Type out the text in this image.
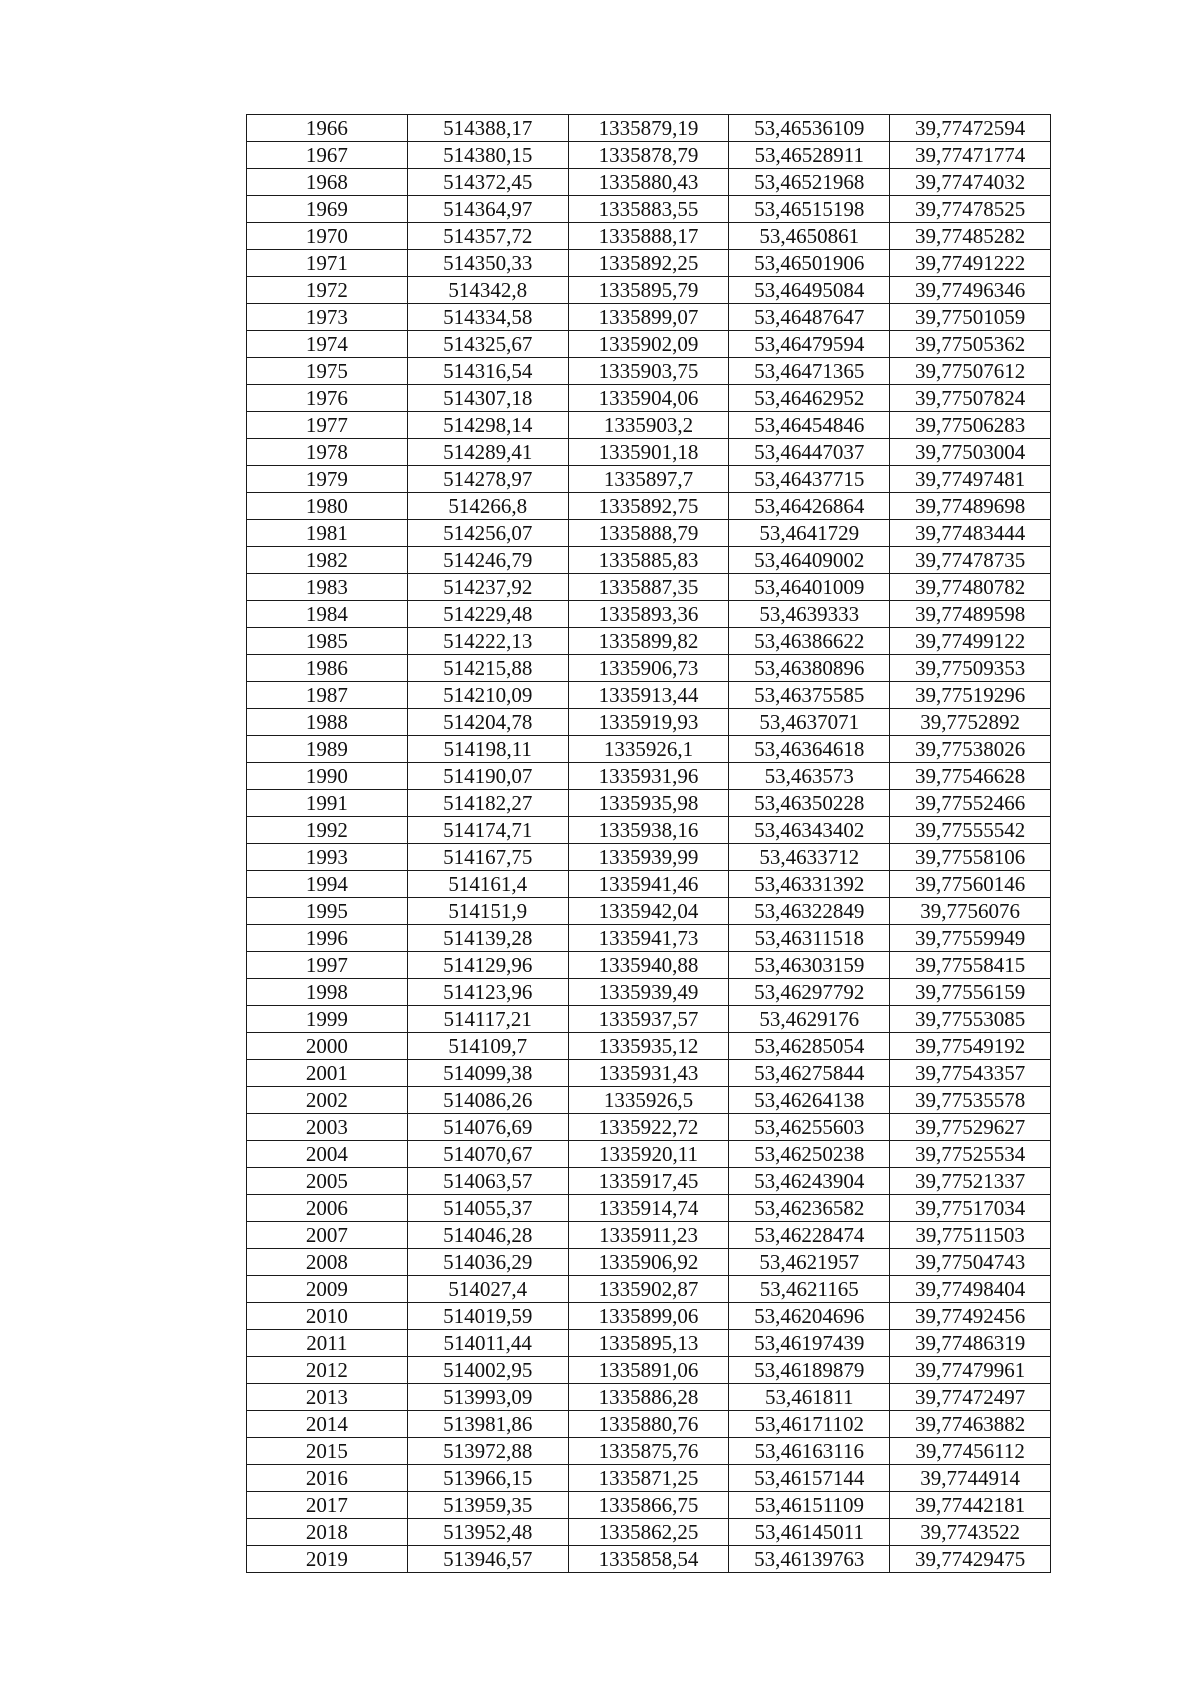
1966	514388,17	1335879,19	53,46536109	39,77472594
1967	514380,15	1335878,79	53,46528911	39,77471774
1968	514372,45	1335880,43	53,46521968	39,77474032
1969	514364,97	1335883,55	53,46515198	39,77478525
1970	514357,72	1335888,17	53,4650861	39,77485282
1971	514350,33	1335892,25	53,46501906	39,77491222
1972	514342,8	1335895,79	53,46495084	39,77496346
1973	514334,58	1335899,07	53,46487647	39,77501059
1974	514325,67	1335902,09	53,46479594	39,77505362
1975	514316,54	1335903,75	53,46471365	39,77507612
1976	514307,18	1335904,06	53,46462952	39,77507824
1977	514298,14	1335903,2	53,46454846	39,77506283
1978	514289,41	1335901,18	53,46447037	39,77503004
1979	514278,97	1335897,7	53,46437715	39,77497481
1980	514266,8	1335892,75	53,46426864	39,77489698
1981	514256,07	1335888,79	53,4641729	39,77483444
1982	514246,79	1335885,83	53,46409002	39,77478735
1983	514237,92	1335887,35	53,46401009	39,77480782
1984	514229,48	1335893,36	53,4639333	39,77489598
1985	514222,13	1335899,82	53,46386622	39,77499122
1986	514215,88	1335906,73	53,46380896	39,77509353
1987	514210,09	1335913,44	53,46375585	39,77519296
1988	514204,78	1335919,93	53,4637071	39,7752892
1989	514198,11	1335926,1	53,46364618	39,77538026
1990	514190,07	1335931,96	53,463573	39,77546628
1991	514182,27	1335935,98	53,46350228	39,77552466
1992	514174,71	1335938,16	53,46343402	39,77555542
1993	514167,75	1335939,99	53,4633712	39,77558106
1994	514161,4	1335941,46	53,46331392	39,77560146
1995	514151,9	1335942,04	53,46322849	39,7756076
1996	514139,28	1335941,73	53,46311518	39,77559949
1997	514129,96	1335940,88	53,46303159	39,77558415
1998	514123,96	1335939,49	53,46297792	39,77556159
1999	514117,21	1335937,57	53,4629176	39,77553085
2000	514109,7	1335935,12	53,46285054	39,77549192
2001	514099,38	1335931,43	53,46275844	39,77543357
2002	514086,26	1335926,5	53,46264138	39,77535578
2003	514076,69	1335922,72	53,46255603	39,77529627
2004	514070,67	1335920,11	53,46250238	39,77525534
2005	514063,57	1335917,45	53,46243904	39,77521337
2006	514055,37	1335914,74	53,46236582	39,77517034
2007	514046,28	1335911,23	53,46228474	39,77511503
2008	514036,29	1335906,92	53,4621957	39,77504743
2009	514027,4	1335902,87	53,4621165	39,77498404
2010	514019,59	1335899,06	53,46204696	39,77492456
2011	514011,44	1335895,13	53,46197439	39,77486319
2012	514002,95	1335891,06	53,46189879	39,77479961
2013	513993,09	1335886,28	53,461811	39,77472497
2014	513981,86	1335880,76	53,46171102	39,77463882
2015	513972,88	1335875,76	53,46163116	39,77456112
2016	513966,15	1335871,25	53,46157144	39,7744914
2017	513959,35	1335866,75	53,46151109	39,77442181
2018	513952,48	1335862,25	53,46145011	39,7743522
2019	513946,57	1335858,54	53,46139763	39,77429475
